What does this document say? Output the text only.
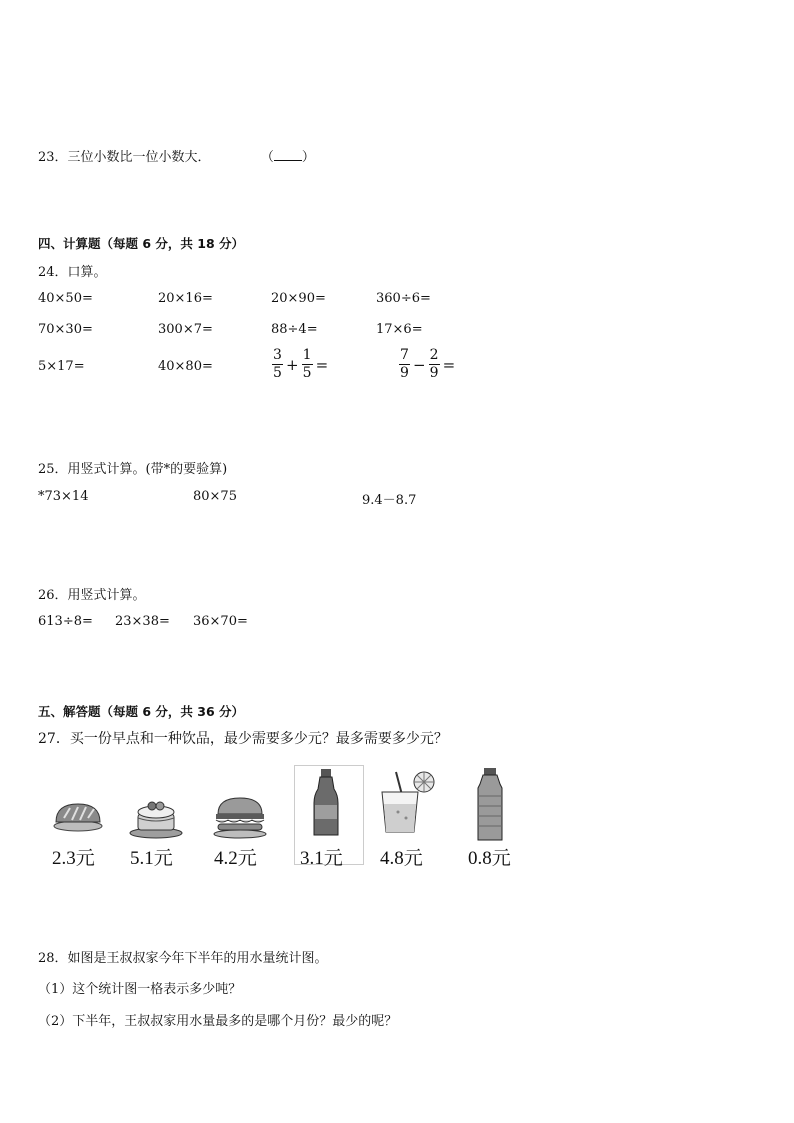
23．三位小数比一位小数大．	（ ）
四、计算题（每题 6 分，共 18 分）
24．口算。
40×50=	20×16=	20×90=	360÷6=
70×30=	300×7=	88÷4=	17×6=
5×17=	40×80=	$\frac{3}{5} + \frac{1}{5}$ =	$\frac{7}{9} - \frac{2}{9}$ =
25．用竖式计算。(带*的要验算)
*73×14	80×75	9.4－8.7
26．用竖式计算。
613÷8= 23×38= 36×70=
五、解答题（每题 6 分，共 36 分）
27．买一份早点和一种饮品，最少需要多少元？最多需要多少元？
2.3元 5.1元 4.2元 3.1元 4.8元 0.8元
28．如图是王叔叔家今年下半年的用水量统计图。
（1）这个统计图一格表示多少吨？
（2）下半年，王叔叔家用水量最多的是哪个月份？最少的呢？
